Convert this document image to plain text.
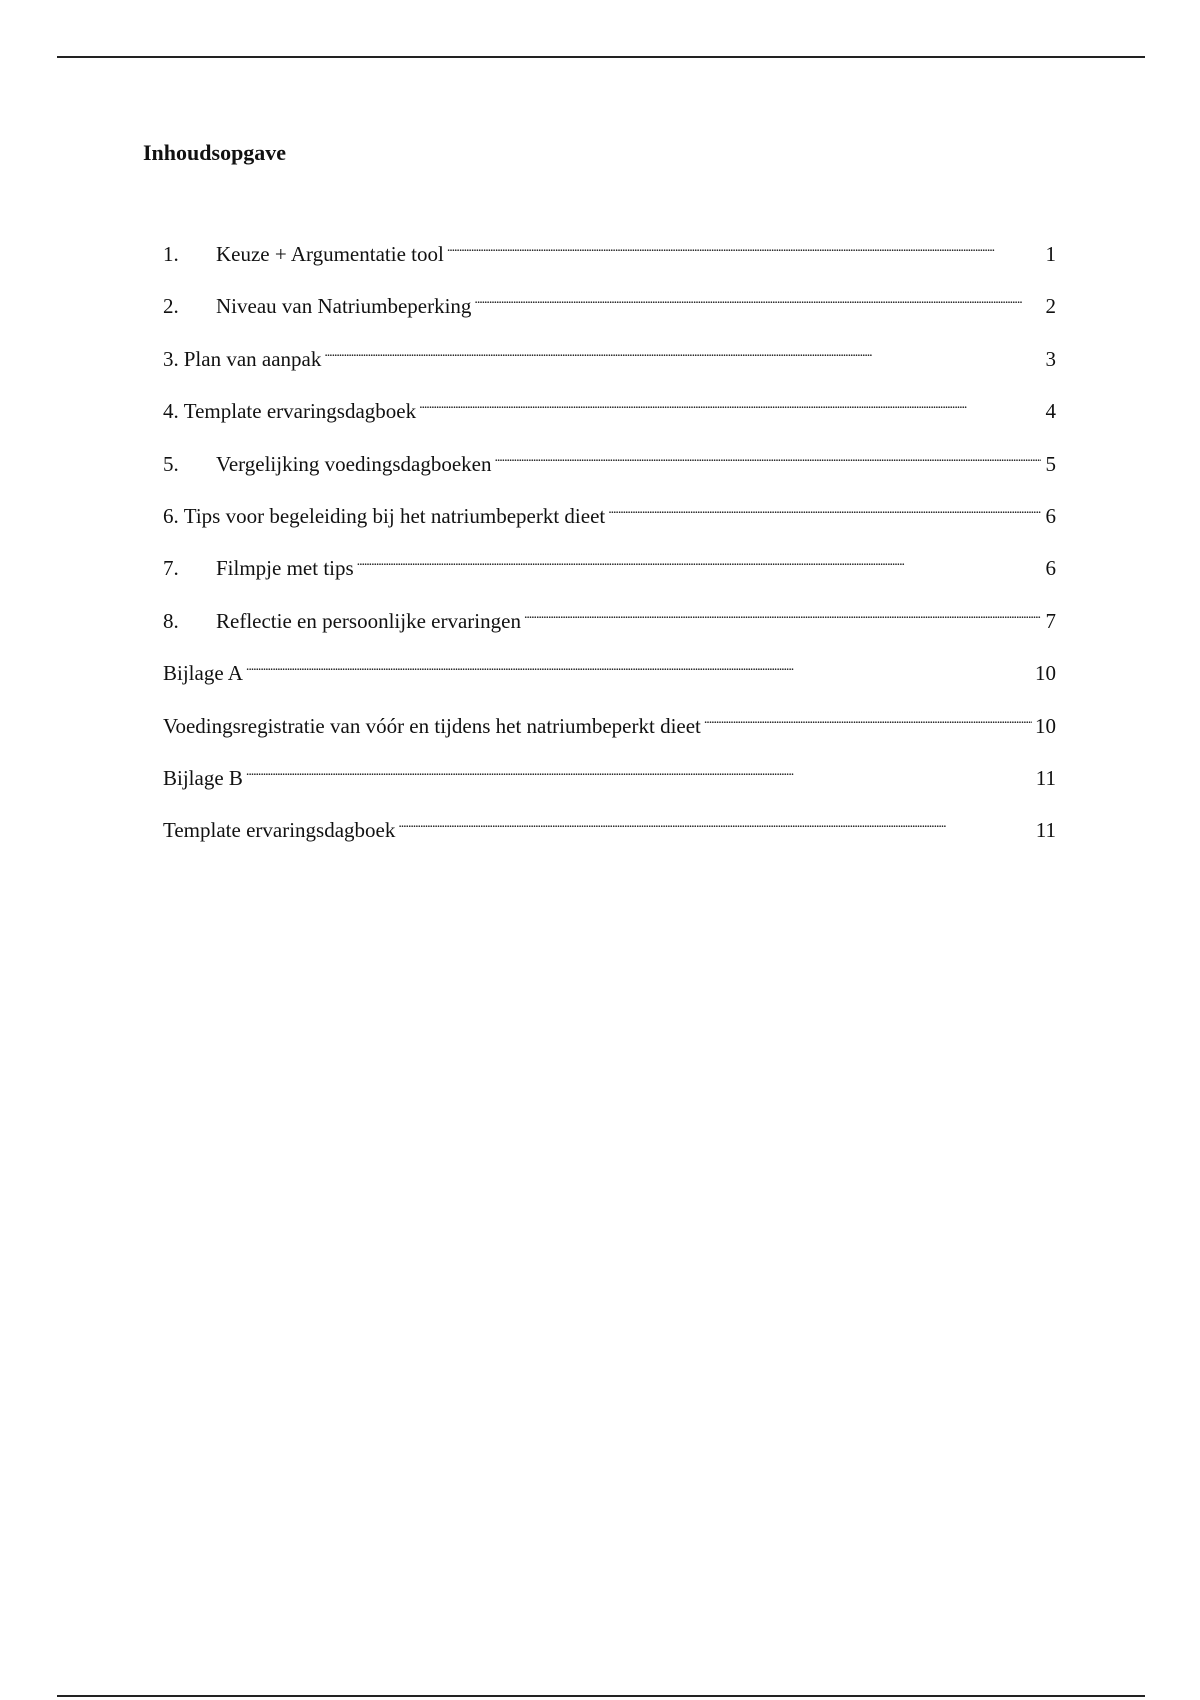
Inhoudsopgave
1.	Keuze + Argumentatie tool . . .	1
2.	Niveau van Natriumbeperking . . .	2
3. Plan van aanpak . . .	3
4. Template ervaringsdagboek . . .	4
5.	Vergelijking voedingsdagboeken . . .	5
6. Tips voor begeleiding bij het natriumbeperkt dieet . . .	6
7.	Filmpje met tips . . .	6
8.	Reflectie en persoonlijke ervaringen . . .	7
Bijlage A . . .	10
Voedingsregistratie van vóór en tijdens het natriumbeperkt dieet . . .	10
Bijlage B . . .	11
Template ervaringsdagboek . . .	11
